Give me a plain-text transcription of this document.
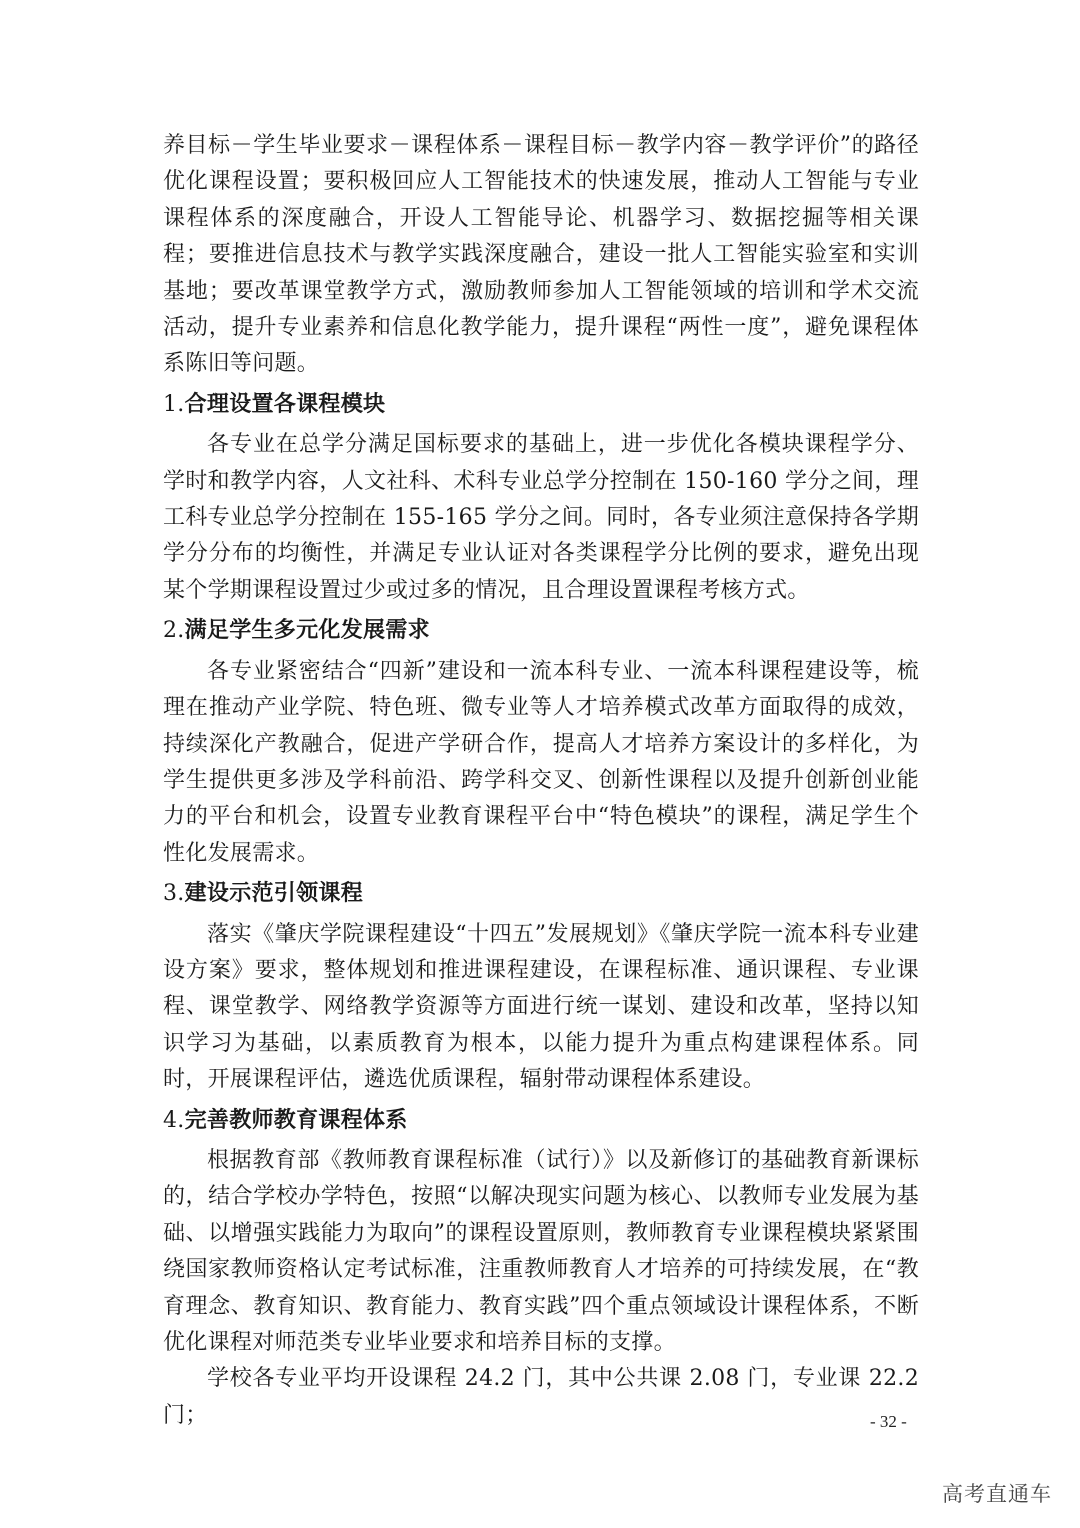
养目标－学生毕业要求－课程体系－课程目标－教学内容－教学评价”的路径优化课程设置；要积极回应人工智能技术的快速发展，推动人工智能与专业课程体系的深度融合，开设人工智能导论、机器学习、数据挖掘等相关课程；要推进信息技术与教学实践深度融合，建设一批人工智能实验室和实训基地；要改革课堂教学方式，激励教师参加人工智能领域的培训和学术交流活动，提升专业素养和信息化教学能力，提升课程“两性一度”，避免课程体系陈旧等问题。

1.合理设置各课程模块

各专业在总学分满足国标要求的基础上，进一步优化各模块课程学分、学时和教学内容，人文社科、术科专业总学分控制在 150-160 学分之间，理工科专业总学分控制在 155-165 学分之间。同时，各专业须注意保持各学期学分分布的均衡性，并满足专业认证对各类课程学分比例的要求，避免出现某个学期课程设置过少或过多的情况，且合理设置课程考核方式。

2.满足学生多元化发展需求

各专业紧密结合“四新”建设和一流本科专业、一流本科课程建设等，梳理在推动产业学院、特色班、微专业等人才培养模式改革方面取得的成效，持续深化产教融合，促进产学研合作，提高人才培养方案设计的多样化，为学生提供更多涉及学科前沿、跨学科交叉、创新性课程以及提升创新创业能力的平台和机会，设置专业教育课程平台中“特色模块”的课程，满足学生个性化发展需求。

3.建设示范引领课程

落实《肇庆学院课程建设“十四五”发展规划》《肇庆学院一流本科专业建设方案》要求，整体规划和推进课程建设，在课程标准、通识课程、专业课程、课堂教学、网络教学资源等方面进行统一谋划、建设和改革，坚持以知识学习为基础，以素质教育为根本，以能力提升为重点构建课程体系。同时，开展课程评估，遴选优质课程，辐射带动课程体系建设。

4.完善教师教育课程体系

根据教育部《教师教育课程标准（试行）》以及新修订的基础教育新课标的，结合学校办学特色，按照“以解决现实问题为核心、以教师专业发展为基础、以增强实践能力为取向”的课程设置原则，教师教育专业课程模块紧紧围绕国家教师资格认定考试标准，注重教师教育人才培养的可持续发展，在“教育理念、教育知识、教育能力、教育实践”四个重点领域设计课程体系，不断优化课程对师范类专业毕业要求和培养目标的支撑。

学校各专业平均开设课程 24.2 门，其中公共课 2.08 门，专业课 22.2 门；	- 32 -
高考直通车
